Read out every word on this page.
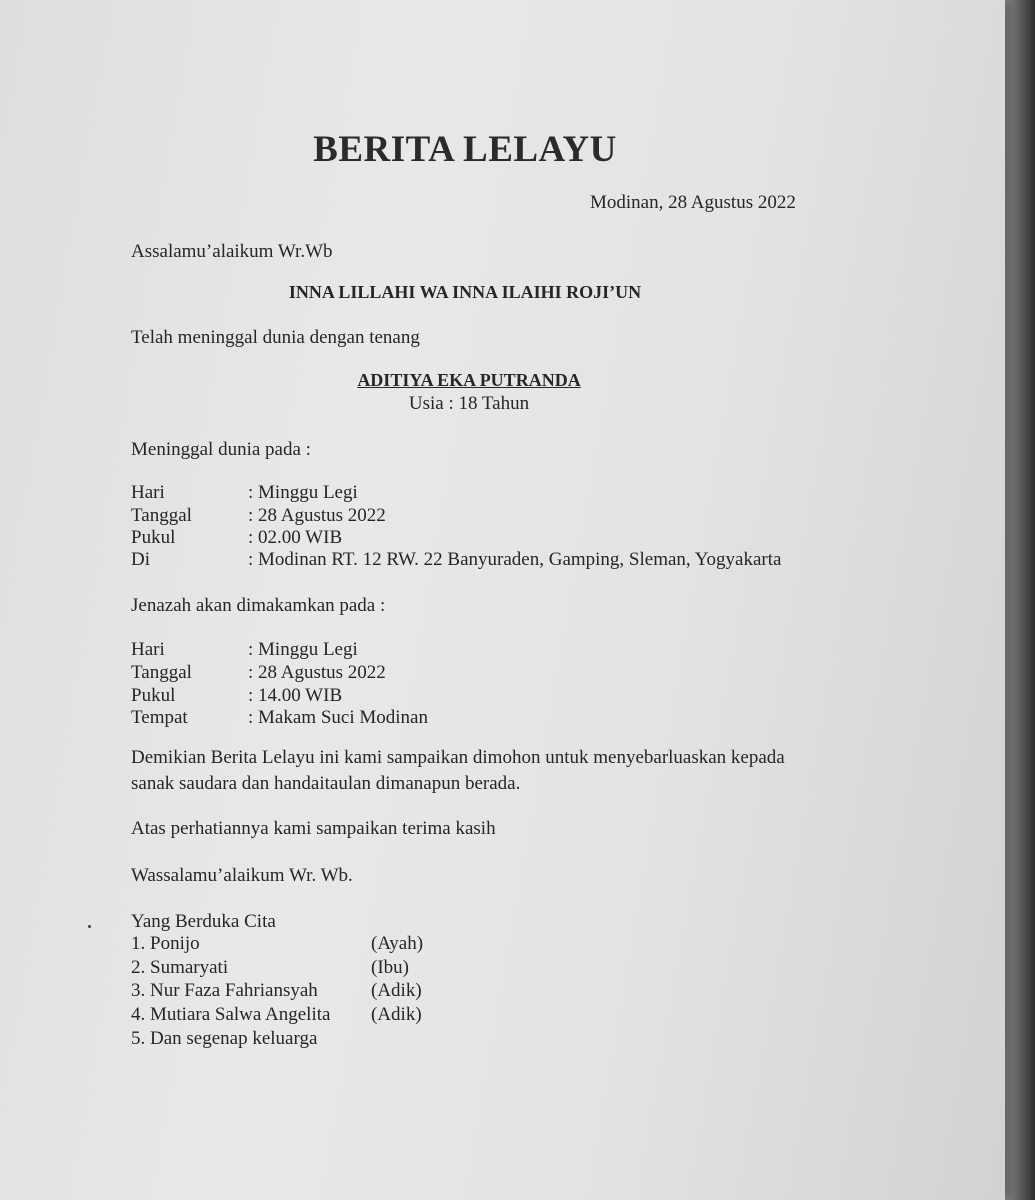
BERITA LELAYU
Modinan, 28 Agustus 2022
Assalamu’alaikum Wr.Wb
INNA LILLAHI WA INNA ILAIHI ROJI’UN
Telah meninggal dunia dengan tenang
ADITIYA EKA PUTRANDA
Usia : 18 Tahun
Meninggal dunia pada :
Hari	: Minggu Legi
Tanggal	: 28 Agustus 2022
Pukul	: 02.00 WIB
Di	: Modinan RT. 12 RW. 22 Banyuraden, Gamping, Sleman, Yogyakarta
Jenazah akan dimakamkan pada :
Hari	: Minggu Legi
Tanggal	: 28 Agustus 2022
Pukul	: 14.00 WIB
Tempat	: Makam Suci Modinan
Demikian Berita Lelayu ini kami sampaikan dimohon untuk menyebarluaskan kepada
sanak saudara dan handaitaulan dimanapun berada.
Atas perhatiannya kami sampaikan terima kasih
Wassalamu’alaikum Wr. Wb.
Yang Berduka Cita
1. Ponijo	(Ayah)
2. Sumaryati	(Ibu)
3. Nur Faza Fahriansyah	(Adik)
4. Mutiara Salwa Angelita (Adik)
5. Dan segenap keluarga
